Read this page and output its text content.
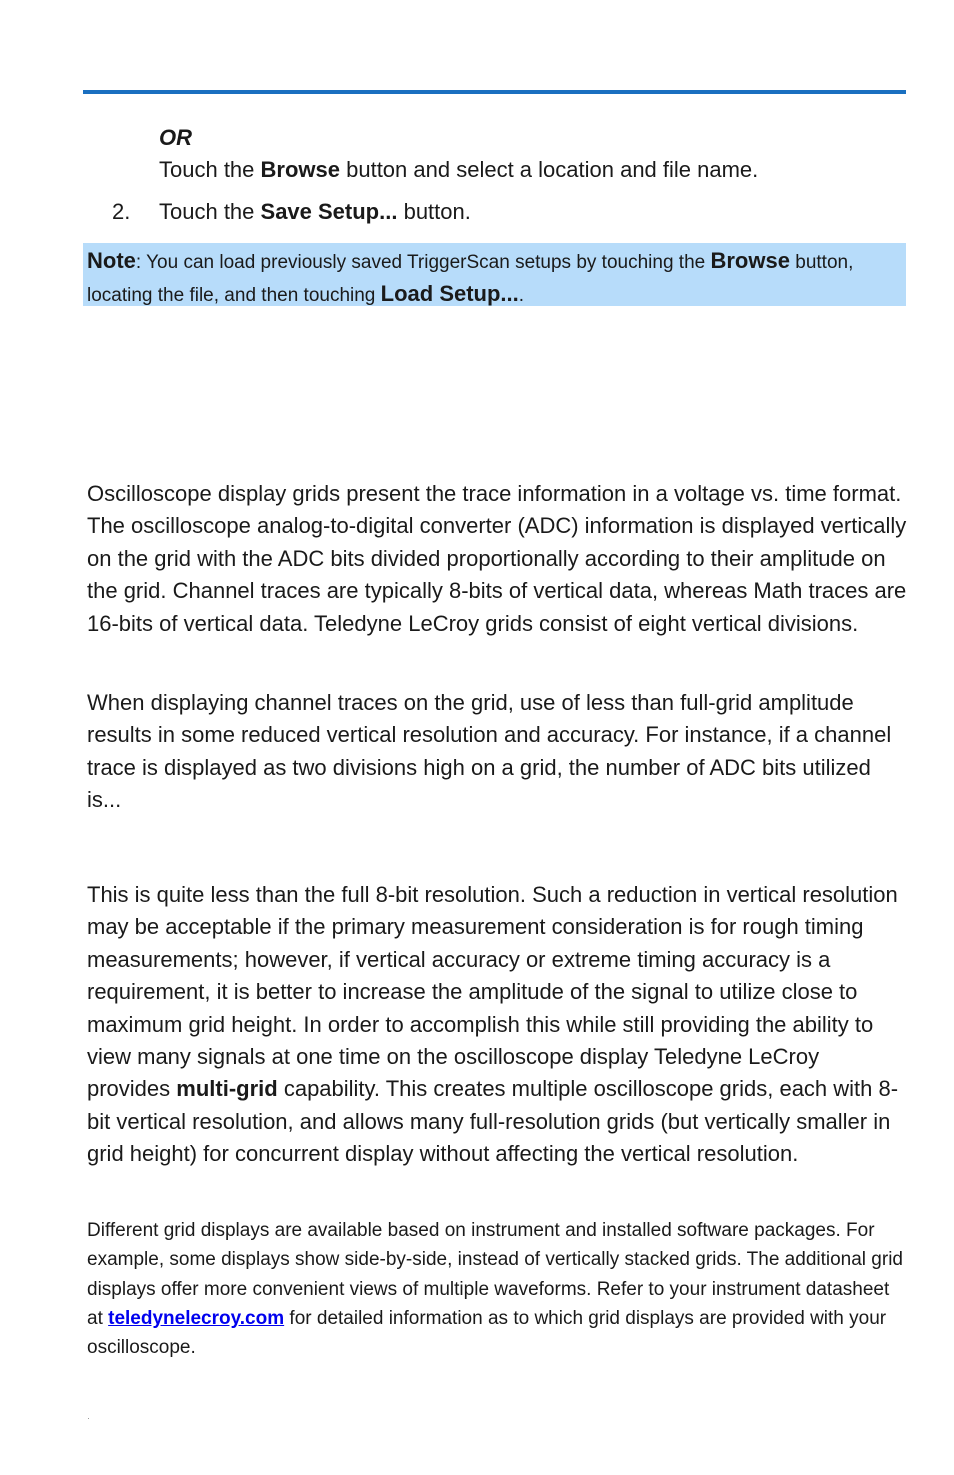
OR
Touch the Browse button and select a location and file name.
2. Touch the Save Setup... button.
Note: You can load previously saved TriggerScan setups by touching the Browse button, locating the file, and then touching Load Setup....

Oscilloscope display grids present the trace information in a voltage vs. time format. The oscilloscope analog-to-digital converter (ADC) information is displayed vertically on the grid with the ADC bits divided proportionally according to their amplitude on the grid. Channel traces are typically 8-bits of vertical data, whereas Math traces are 16-bits of vertical data. Teledyne LeCroy grids consist of eight vertical divisions.

When displaying channel traces on the grid, use of less than full-grid amplitude results in some reduced vertical resolution and accuracy. For instance, if a channel trace is displayed as two divisions high on a grid, the number of ADC bits utilized is...

This is quite less than the full 8-bit resolution. Such a reduction in vertical resolution may be acceptable if the primary measurement consideration is for rough timing measurements; however, if vertical accuracy or extreme timing accuracy is a requirement, it is better to increase the amplitude of the signal to utilize close to maximum grid height. In order to accomplish this while still providing the ability to view many signals at one time on the oscilloscope display Teledyne LeCroy provides multi-grid capability. This creates multiple oscilloscope grids, each with 8-bit vertical resolution, and allows many full-resolution grids (but vertically smaller in grid height) for concurrent display without affecting the vertical resolution.

Different grid displays are available based on instrument and installed software packages. For example, some displays show side-by-side, instead of vertically stacked grids. The additional grid displays offer more convenient views of multiple waveforms. Refer to your instrument datasheet at teledynelecroy.com for detailed information as to which grid displays are provided with your oscilloscope.
